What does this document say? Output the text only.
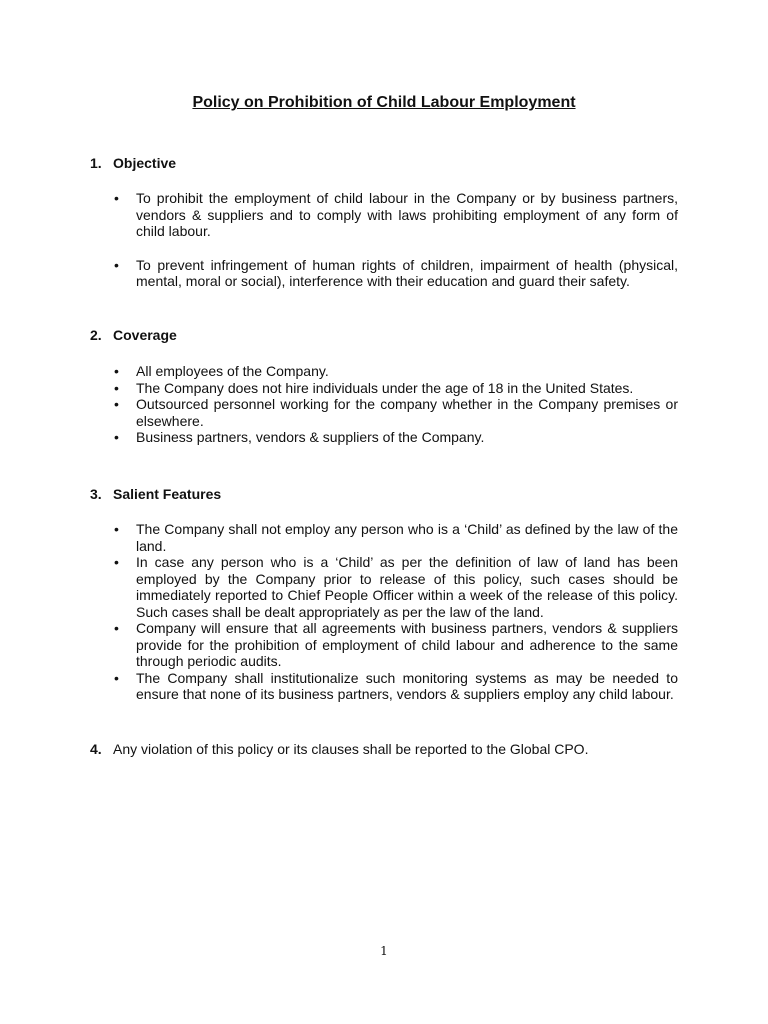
Policy on Prohibition of Child Labour Employment
1. Objective
• To prohibit the employment of child labour in the Company or by business partners, vendors & suppliers and to comply with laws prohibiting employment of any form of child labour.
• To prevent infringement of human rights of children, impairment of health (physical, mental, moral or social), interference with their education and guard their safety.
2. Coverage
• All employees of the Company.
• The Company does not hire individuals under the age of 18 in the United States.
• Outsourced personnel working for the company whether in the Company premises or elsewhere.
• Business partners, vendors & suppliers of the Company.
3. Salient Features
• The Company shall not employ any person who is a ‘Child’ as defined by the law of the land.
• In case any person who is a ‘Child’ as per the definition of law of land has been employed by the Company prior to release of this policy, such cases should be immediately reported to Chief People Officer within a week of the release of this policy. Such cases shall be dealt appropriately as per the law of the land.
• Company will ensure that all agreements with business partners, vendors & suppliers provide for the prohibition of employment of child labour and adherence to the same through periodic audits.
• The Company shall institutionalize such monitoring systems as may be needed to ensure that none of its business partners, vendors & suppliers employ any child labour.
4. Any violation of this policy or its clauses shall be reported to the Global CPO.
1
